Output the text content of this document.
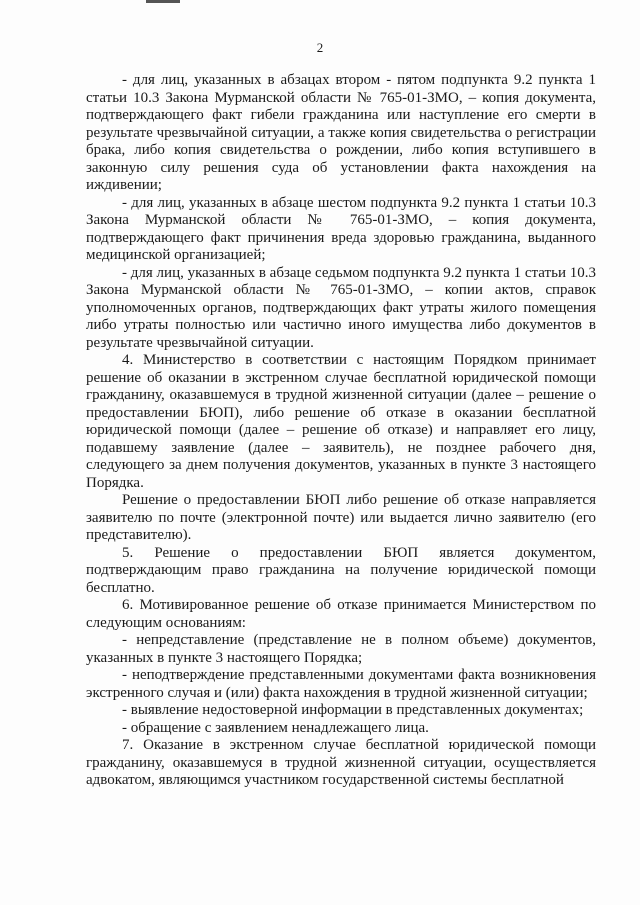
2

- для лиц, указанных в абзацах втором - пятом подпункта 9.2 пункта 1 статьи 10.3 Закона Мурманской области № 765-01-ЗМО, – копия документа, подтверждающего факт гибели гражданина или наступление его смерти в результате чрезвычайной ситуации, а также копия свидетельства о регистрации брака, либо копия свидетельства о рождении, либо копия вступившего в законную силу решения суда об установлении факта нахождения на иждивении;

- для лиц, указанных в абзаце шестом подпункта 9.2 пункта 1 статьи 10.3 Закона Мурманской области № 765-01-ЗМО, – копия документа, подтверждающего факт причинения вреда здоровью гражданина, выданного медицинской организацией;

- для лиц, указанных в абзаце седьмом подпункта 9.2 пункта 1 статьи 10.3 Закона Мурманской области № 765-01-ЗМО, – копии актов, справок уполномоченных органов, подтверждающих факт утраты жилого помещения либо утраты полностью или частично иного имущества либо документов в результате чрезвычайной ситуации.

4. Министерство в соответствии с настоящим Порядком принимает решение об оказании в экстренном случае бесплатной юридической помощи гражданину, оказавшемуся в трудной жизненной ситуации (далее – решение о предоставлении БЮП), либо решение об отказе в оказании бесплатной юридической помощи (далее – решение об отказе) и направляет его лицу, подавшему заявление (далее – заявитель), не позднее рабочего дня, следующего за днем получения документов, указанных в пункте 3 настоящего Порядка.

Решение о предоставлении БЮП либо решение об отказе направляется заявителю по почте (электронной почте) или выдается лично заявителю (его представителю).

5. Решение о предоставлении БЮП является документом, подтверждающим право гражданина на получение юридической помощи бесплатно.

6. Мотивированное решение об отказе принимается Министерством по следующим основаниям:

- непредставление (представление не в полном объеме) документов, указанных в пункте 3 настоящего Порядка;

- неподтверждение представленными документами факта возникновения экстренного случая и (или) факта нахождения в трудной жизненной ситуации;

- выявление недостоверной информации в представленных документах;

- обращение с заявлением ненадлежащего лица.

7. Оказание в экстренном случае бесплатной юридической помощи гражданину, оказавшемуся в трудной жизненной ситуации, осуществляется адвокатом, являющимся участником государственной системы бесплатной
